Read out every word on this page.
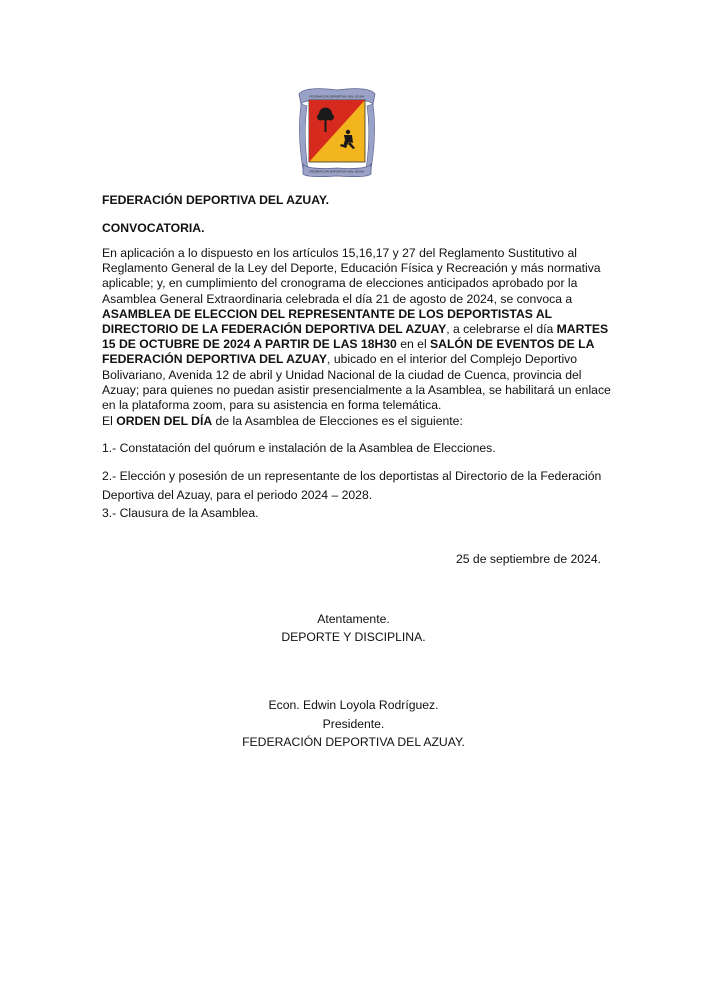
FEDERACIÓN DEPORTIVA DEL AZUAY
FEDERACIÓN DEPORTIVA DEL AZUAY
FEDERACIÓN DEPORTIVA DEL AZUAY.
CONVOCATORIA.

En aplicación a lo dispuesto en los artículos 15,16,17 y 27 del Reglamento Sustitutivo al Reglamento General de la Ley del Deporte, Educación Física y Recreación y más normativa aplicable; y, en cumplimiento del cronograma de elecciones anticipados aprobado por la Asamblea General Extraordinaria celebrada el día 21 de agosto de 2024, se convoca a ASAMBLEA DE ELECCION DEL REPRESENTANTE DE LOS DEPORTISTAS AL DIRECTORIO DE LA FEDERACIÓN DEPORTIVA DEL AZUAY, a celebrarse el día MARTES 15 DE OCTUBRE DE 2024 A PARTIR DE LAS 18H30 en el SALÓN DE EVENTOS DE LA FEDERACIÓN DEPORTIVA DEL AZUAY, ubicado en el interior del Complejo Deportivo Bolivariano, Avenida 12 de abril y Unidad Nacional de la ciudad de Cuenca, provincia del Azuay; para quienes no puedan asistir presencialmente a la Asamblea, se habilitará un enlace en la plataforma zoom, para su asistencia en forma telemática.

El ORDEN DEL DÍA de la Asamblea de Elecciones es el siguiente:

1.- Constatación del quórum e instalación de la Asamblea de Elecciones.
2.- Elección y posesión de un representante de los deportistas al Directorio de la Federación Deportiva del Azuay, para el periodo 2024 – 2028.
3.- Clausura de la Asamblea.
25 de septiembre de 2024.
Atentamente.
DEPORTE Y DISCIPLINA.
Econ. Edwin Loyola Rodríguez.
Presidente.
FEDERACIÓN DEPORTIVA DEL AZUAY.
